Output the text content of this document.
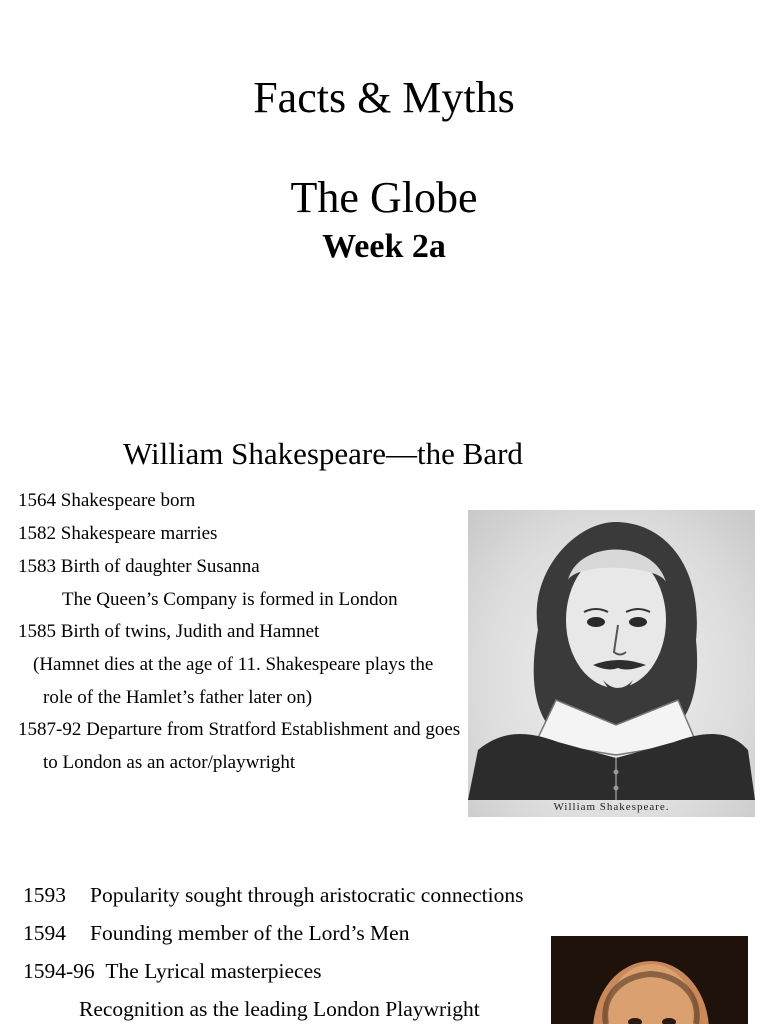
Facts & Myths
The Globe
Week 2a
William Shakespeare—the Bard
1564 Shakespeare born
1582 Shakespeare marries
1583 Birth of daughter Susanna
The Queen’s Company is formed in London
1585 Birth of twins, Judith and Hamnet
(Hamnet dies at the age of 11. Shakespeare plays the
role of the Hamlet’s father later on)
1587-92 Departure from Stratford Establishment and goes
to London as an actor/playwright
William Shakespeare.
1593 Popularity sought through aristocratic connections
1594 Founding member of the Lord’s Men
1594-96 The Lyrical masterpieces
Recognition as the leading London Playwright
